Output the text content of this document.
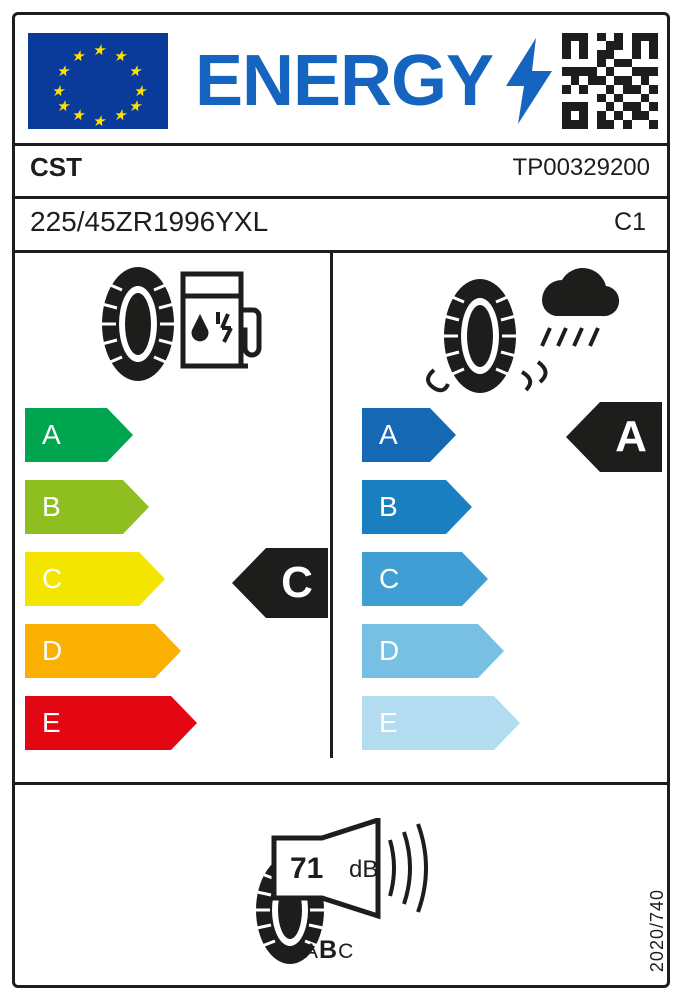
★
★ ★
★	★
★	★
★	★
★ ★
★
ENERGY
CST	TP00329200
225/45ZR1996YXL	C1
A
B
C
D
E
C
A
B
C
D
E
A
71 dB
ABC	2020/740
